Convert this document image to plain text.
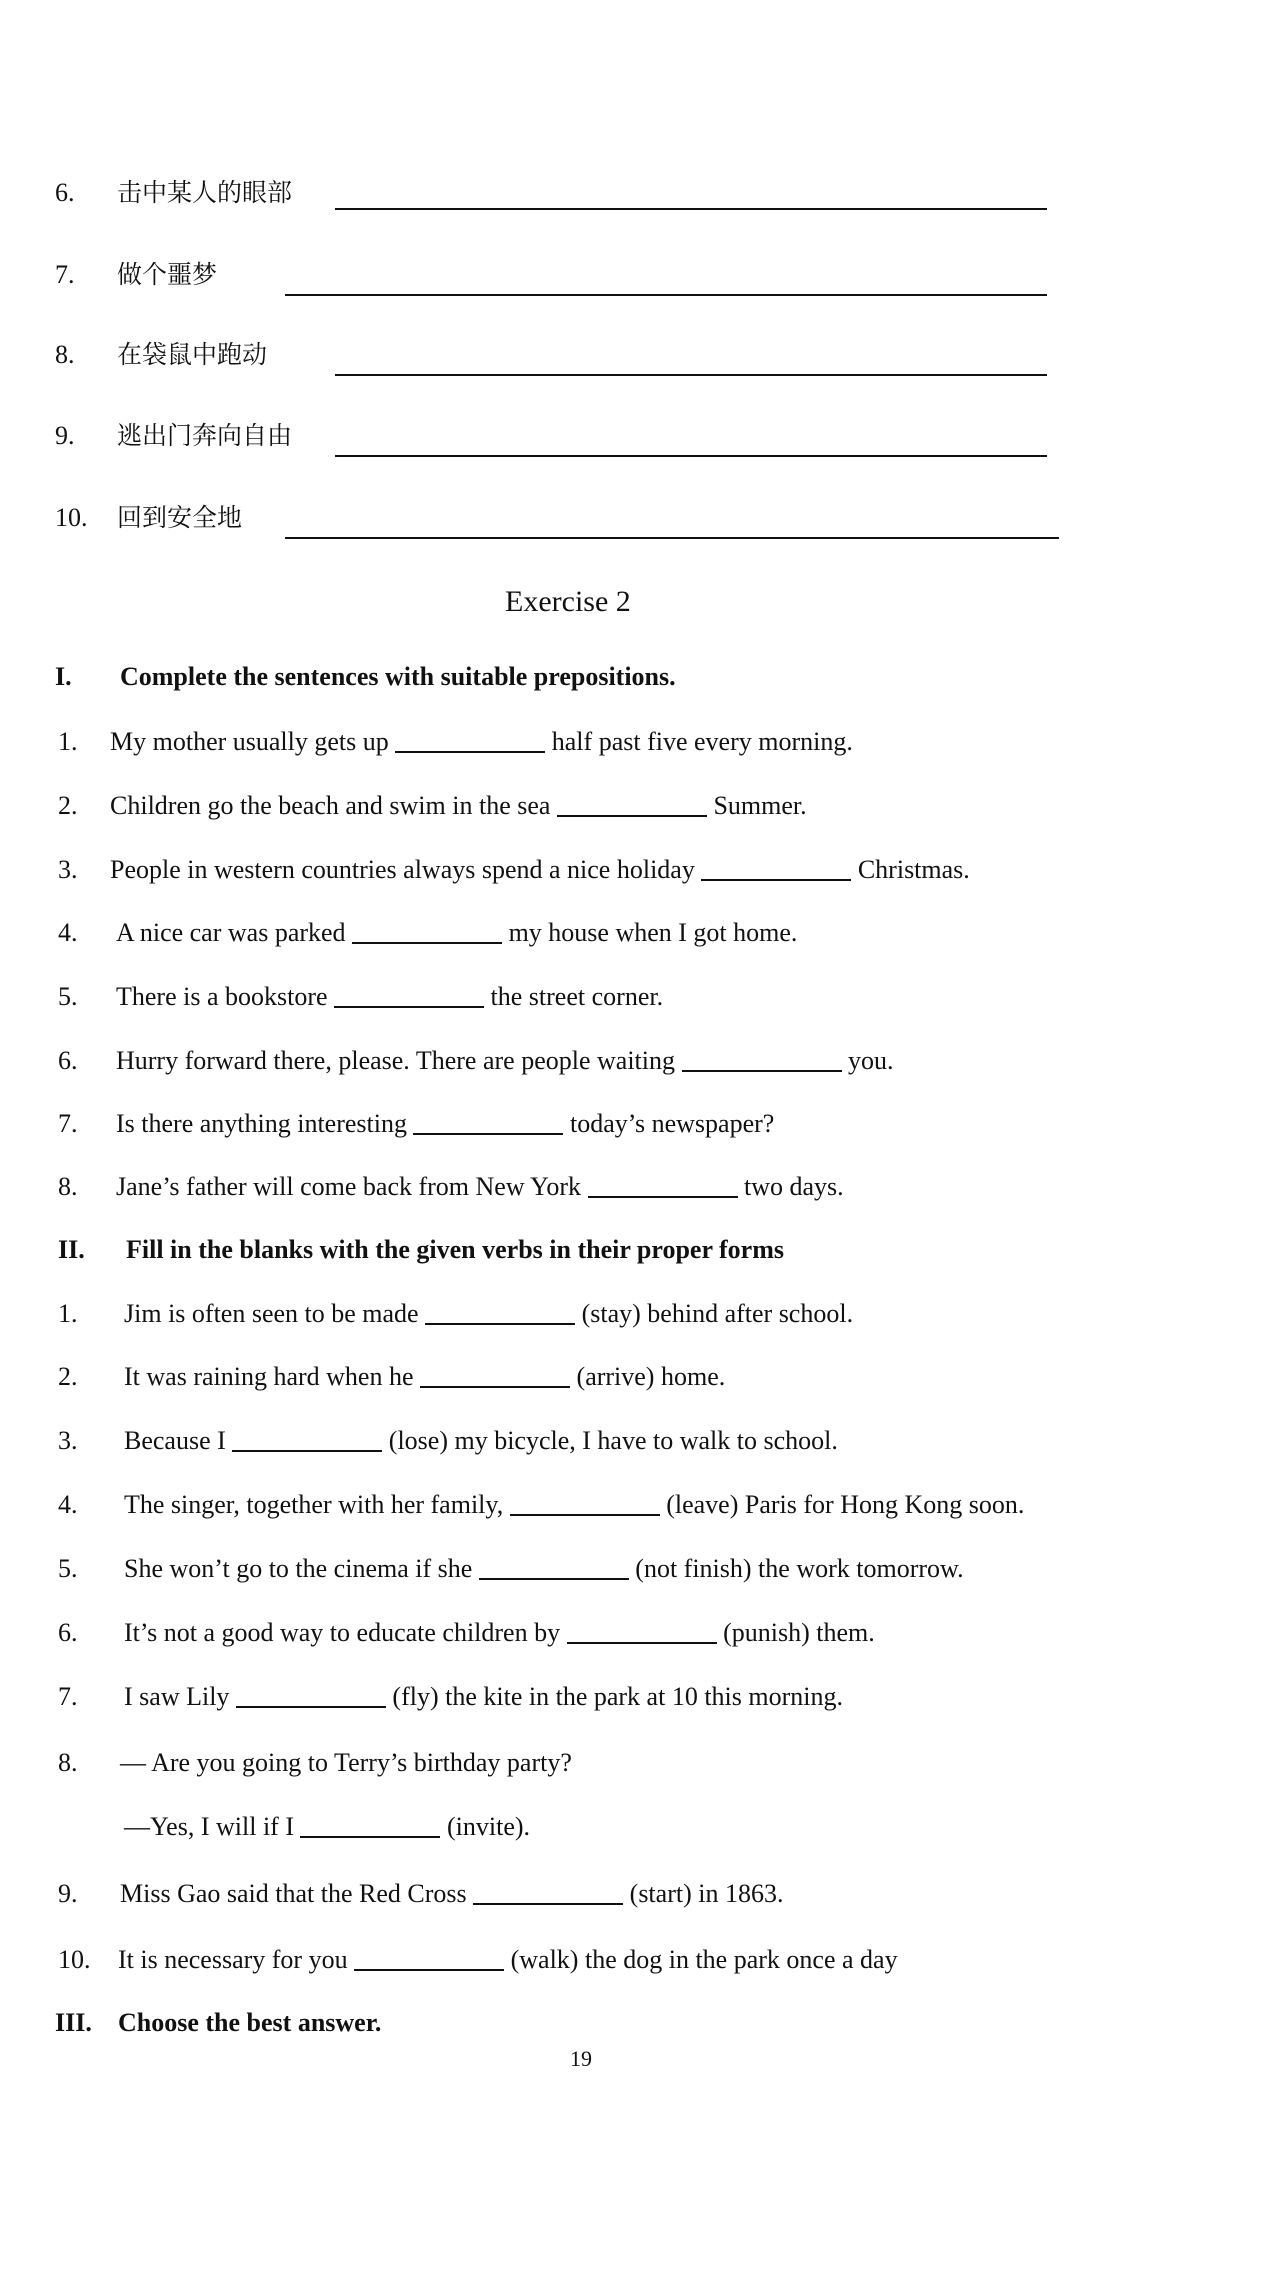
6. 击中某人的眼部
7. 做个噩梦
8. 在袋鼠中跑动
9. 逃出门奔向自由
10. 回到安全地
Exercise 2
I. Complete the sentences with suitable prepositions.
1. My mother usually gets up	half past five every morning.
2. Children go the beach and swim in the sea	Summer.
3. People in western countries always spend a nice holiday	Christmas.
4. A nice car was parked	my house when I got home.
5. There is a bookstore	the street corner.
6. Hurry forward there, please. There are people waiting	you.
7. Is there anything interesting	today’s newspaper?
8. Jane’s father will come back from New York	two days.
II. Fill in the blanks with the given verbs in their proper forms
1. Jim is often seen to be made	(stay) behind after school.
2. It was raining hard when he	(arrive) home.
3. Because I	(lose) my bicycle, I have to walk to school.
4. The singer, together with her family,	(leave) Paris for Hong Kong soon.
5. She won’t go to the cinema if she	(not finish) the work tomorrow.
6. It’s not a good way to educate children by	(punish) them.
7. I saw Lily	(fly) the kite in the park at 10 this morning.
8. — Are you going to Terry’s birthday party?
—Yes, I will if I	(invite).
9. Miss Gao said that the Red Cross	(start) in 1863.
10. It is necessary for you	(walk) the dog in the park once a day
III. Choose the best answer.
19
